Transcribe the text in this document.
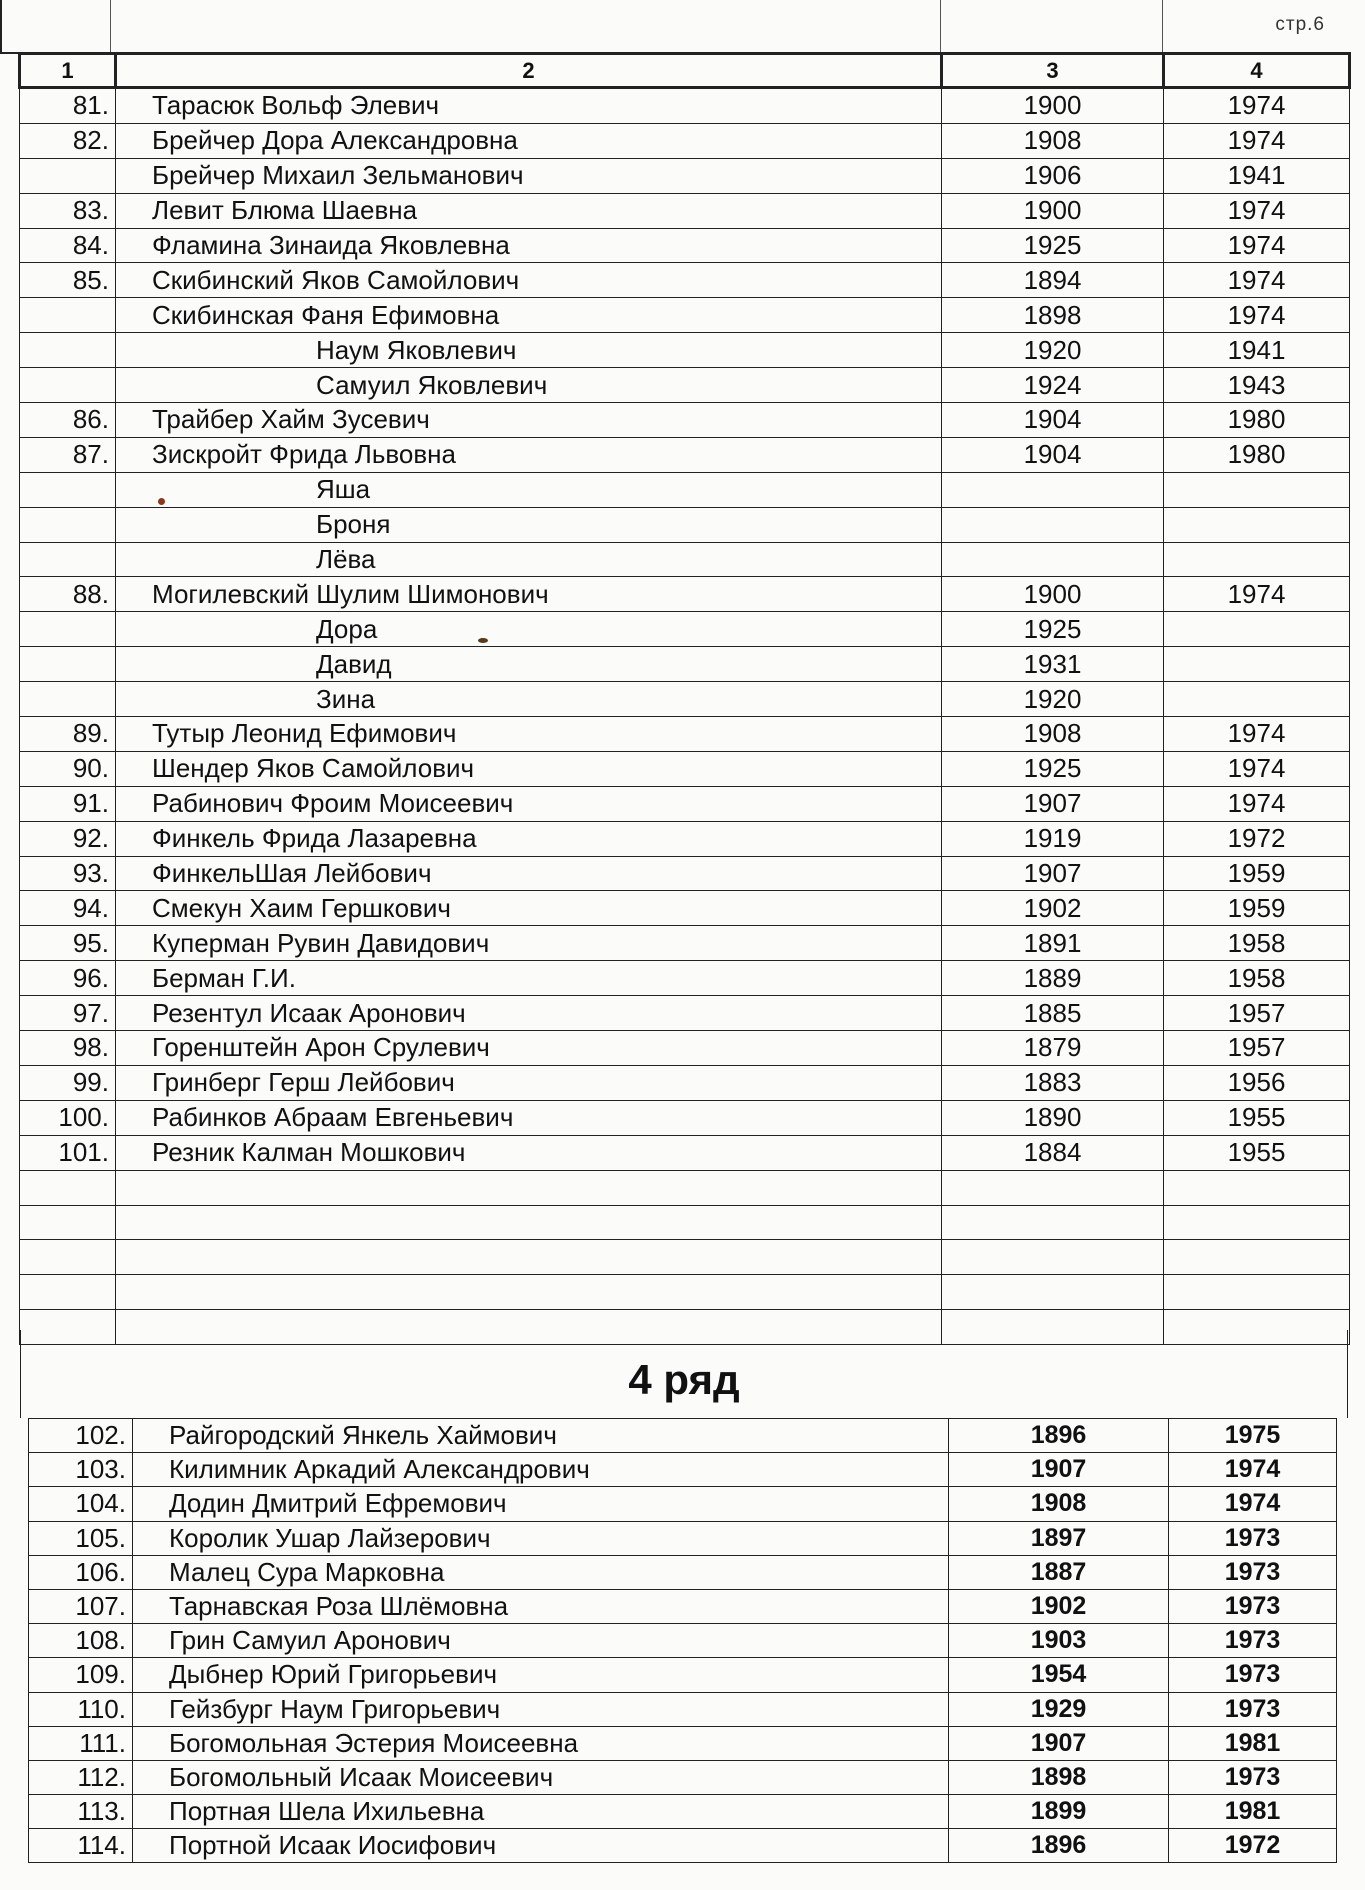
стр.6
1	2	3	4
81.	Тарасюк Вольф Элевич	1900	1974
82.	Брейчер Дора Александровна	1908	1974
	Брейчер Михаил Зельманович	1906	1941
83.	Левит Блюма Шаевна	1900	1974
84.	Фламина Зинаида Яковлевна	1925	1974
85.	Скибинский Яков Самойлович	1894	1974
	Скибинская Фаня Ефимовна	1898	1974
	Наум Яковлевич	1920	1941
	Самуил Яковлевич	1924	1943
86.	Трайбер Хайм Зусевич	1904	1980
87.	Зискройт Фрида Львовна	1904	1980
	Яша		
	Броня		
	Лёва		
88.	Могилевский Шулим Шимонович	1900	1974
	Дора	1925	
	Давид	1931	
	Зина	1920	
89.	Тутыр Леонид Ефимович	1908	1974
90.	Шендер Яков Самойлович	1925	1974
91.	Рабинович Фроим Моисеевич	1907	1974
92.	Финкель Фрида Лазаревна	1919	1972
93.	ФинкельШая Лейбович	1907	1959
94.	Смекун Хаим Гершкович	1902	1959
95.	Куперман Рувин Давидович	1891	1958
96.	Берман Г.И.	1889	1958
97.	Резентул Исаак Аронович	1885	1957
98.	Горенштейн Арон Срулевич	1879	1957
99.	Гринберг Герш Лейбович	1883	1956
100.	Рабинков Абраам Евгеньевич	1890	1955
101.	Резник Калман Мошкович	1884	1955

4 ряд
102.	Райгородский Янкель Хаймович	1896	1975
103.	Килимник Аркадий Александрович	1907	1974
104.	Додин Дмитрий Ефремович	1908	1974
105.	Королик Ушар Лайзерович	1897	1973
106.	Малец Сура Марковна	1887	1973
107.	Тарнавская Роза Шлёмовна	1902	1973
108.	Грин Самуил Аронович	1903	1973
109.	Дыбнер Юрий Григорьевич	1954	1973
110.	Гейзбург Наум Григорьевич	1929	1973
111.	Богомольная Эстерия Моисеевна	1907	1981
112.	Богомольный Исаак Моисеевич	1898	1973
113.	Портная Шела Ихильевна	1899	1981
114.	Портной Исаак Иосифович	1896	1972
